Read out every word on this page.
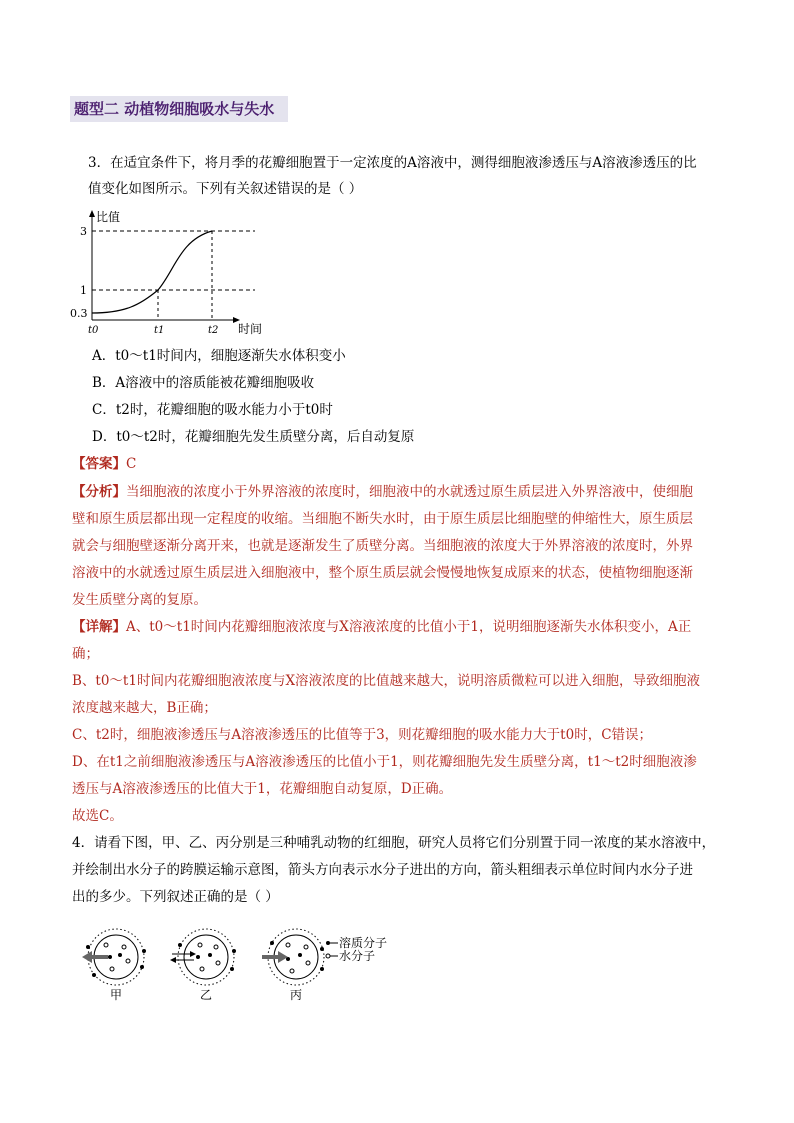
题型二 动植物细胞吸水与失水

3．在适宜条件下，将月季的花瓣细胞置于一定浓度的A溶液中，测得细胞液渗透压与A溶液渗透压的比

值变化如图所示。下列有关叙述错误的是（ ）

比值
3
1
0.3
t0	t1	t2 时间
A．t0～t1时间内，细胞逐渐失水体积变小
B．A溶液中的溶质能被花瓣细胞吸收
C．t2时，花瓣细胞的吸水能力小于t0时
D．t0～t2时，花瓣细胞先发生质壁分离，后自动复原
【答案】C
【分析】当细胞液的浓度小于外界溶液的浓度时，细胞液中的水就透过原生质层进入外界溶液中，使细胞
壁和原生质层都出现一定程度的收缩。当细胞不断失水时，由于原生质层比细胞壁的伸缩性大，原生质层
就会与细胞壁逐渐分离开来，也就是逐渐发生了质壁分离。当细胞液的浓度大于外界溶液的浓度时，外界
溶液中的水就透过原生质层进入细胞液中，整个原生质层就会慢慢地恢复成原来的状态，使植物细胞逐渐
发生质壁分离的复原。
【详解】A、t0～t1时间内花瓣细胞液浓度与X溶液浓度的比值小于1，说明细胞逐渐失水体积变小，A正
确；
B、t0～t1时间内花瓣细胞液浓度与X溶液浓度的比值越来越大，说明溶质微粒可以进入细胞，导致细胞液
浓度越来越大，B正确；
C、t2时，细胞液渗透压与A溶液渗透压的比值等于3，则花瓣细胞的吸水能力大于t0时，C错误；
D、在t1之前细胞液渗透压与A溶液渗透压的比值小于1，则花瓣细胞先发生质壁分离，t1～t2时细胞液渗
透压与A溶液渗透压的比值大于1，花瓣细胞自动复原，D正确。
故选C。

4．请看下图，甲、乙、丙分别是三种哺乳动物的红细胞，研究人员将它们分别置于同一浓度的某水溶液中，

并绘制出水分子的跨膜运输示意图，箭头方向表示水分子进出的方向，箭头粗细表示单位时间内水分子进

出的多少。下列叙述正确的是（ ）

溶质分子
水分子
甲	乙	丙
